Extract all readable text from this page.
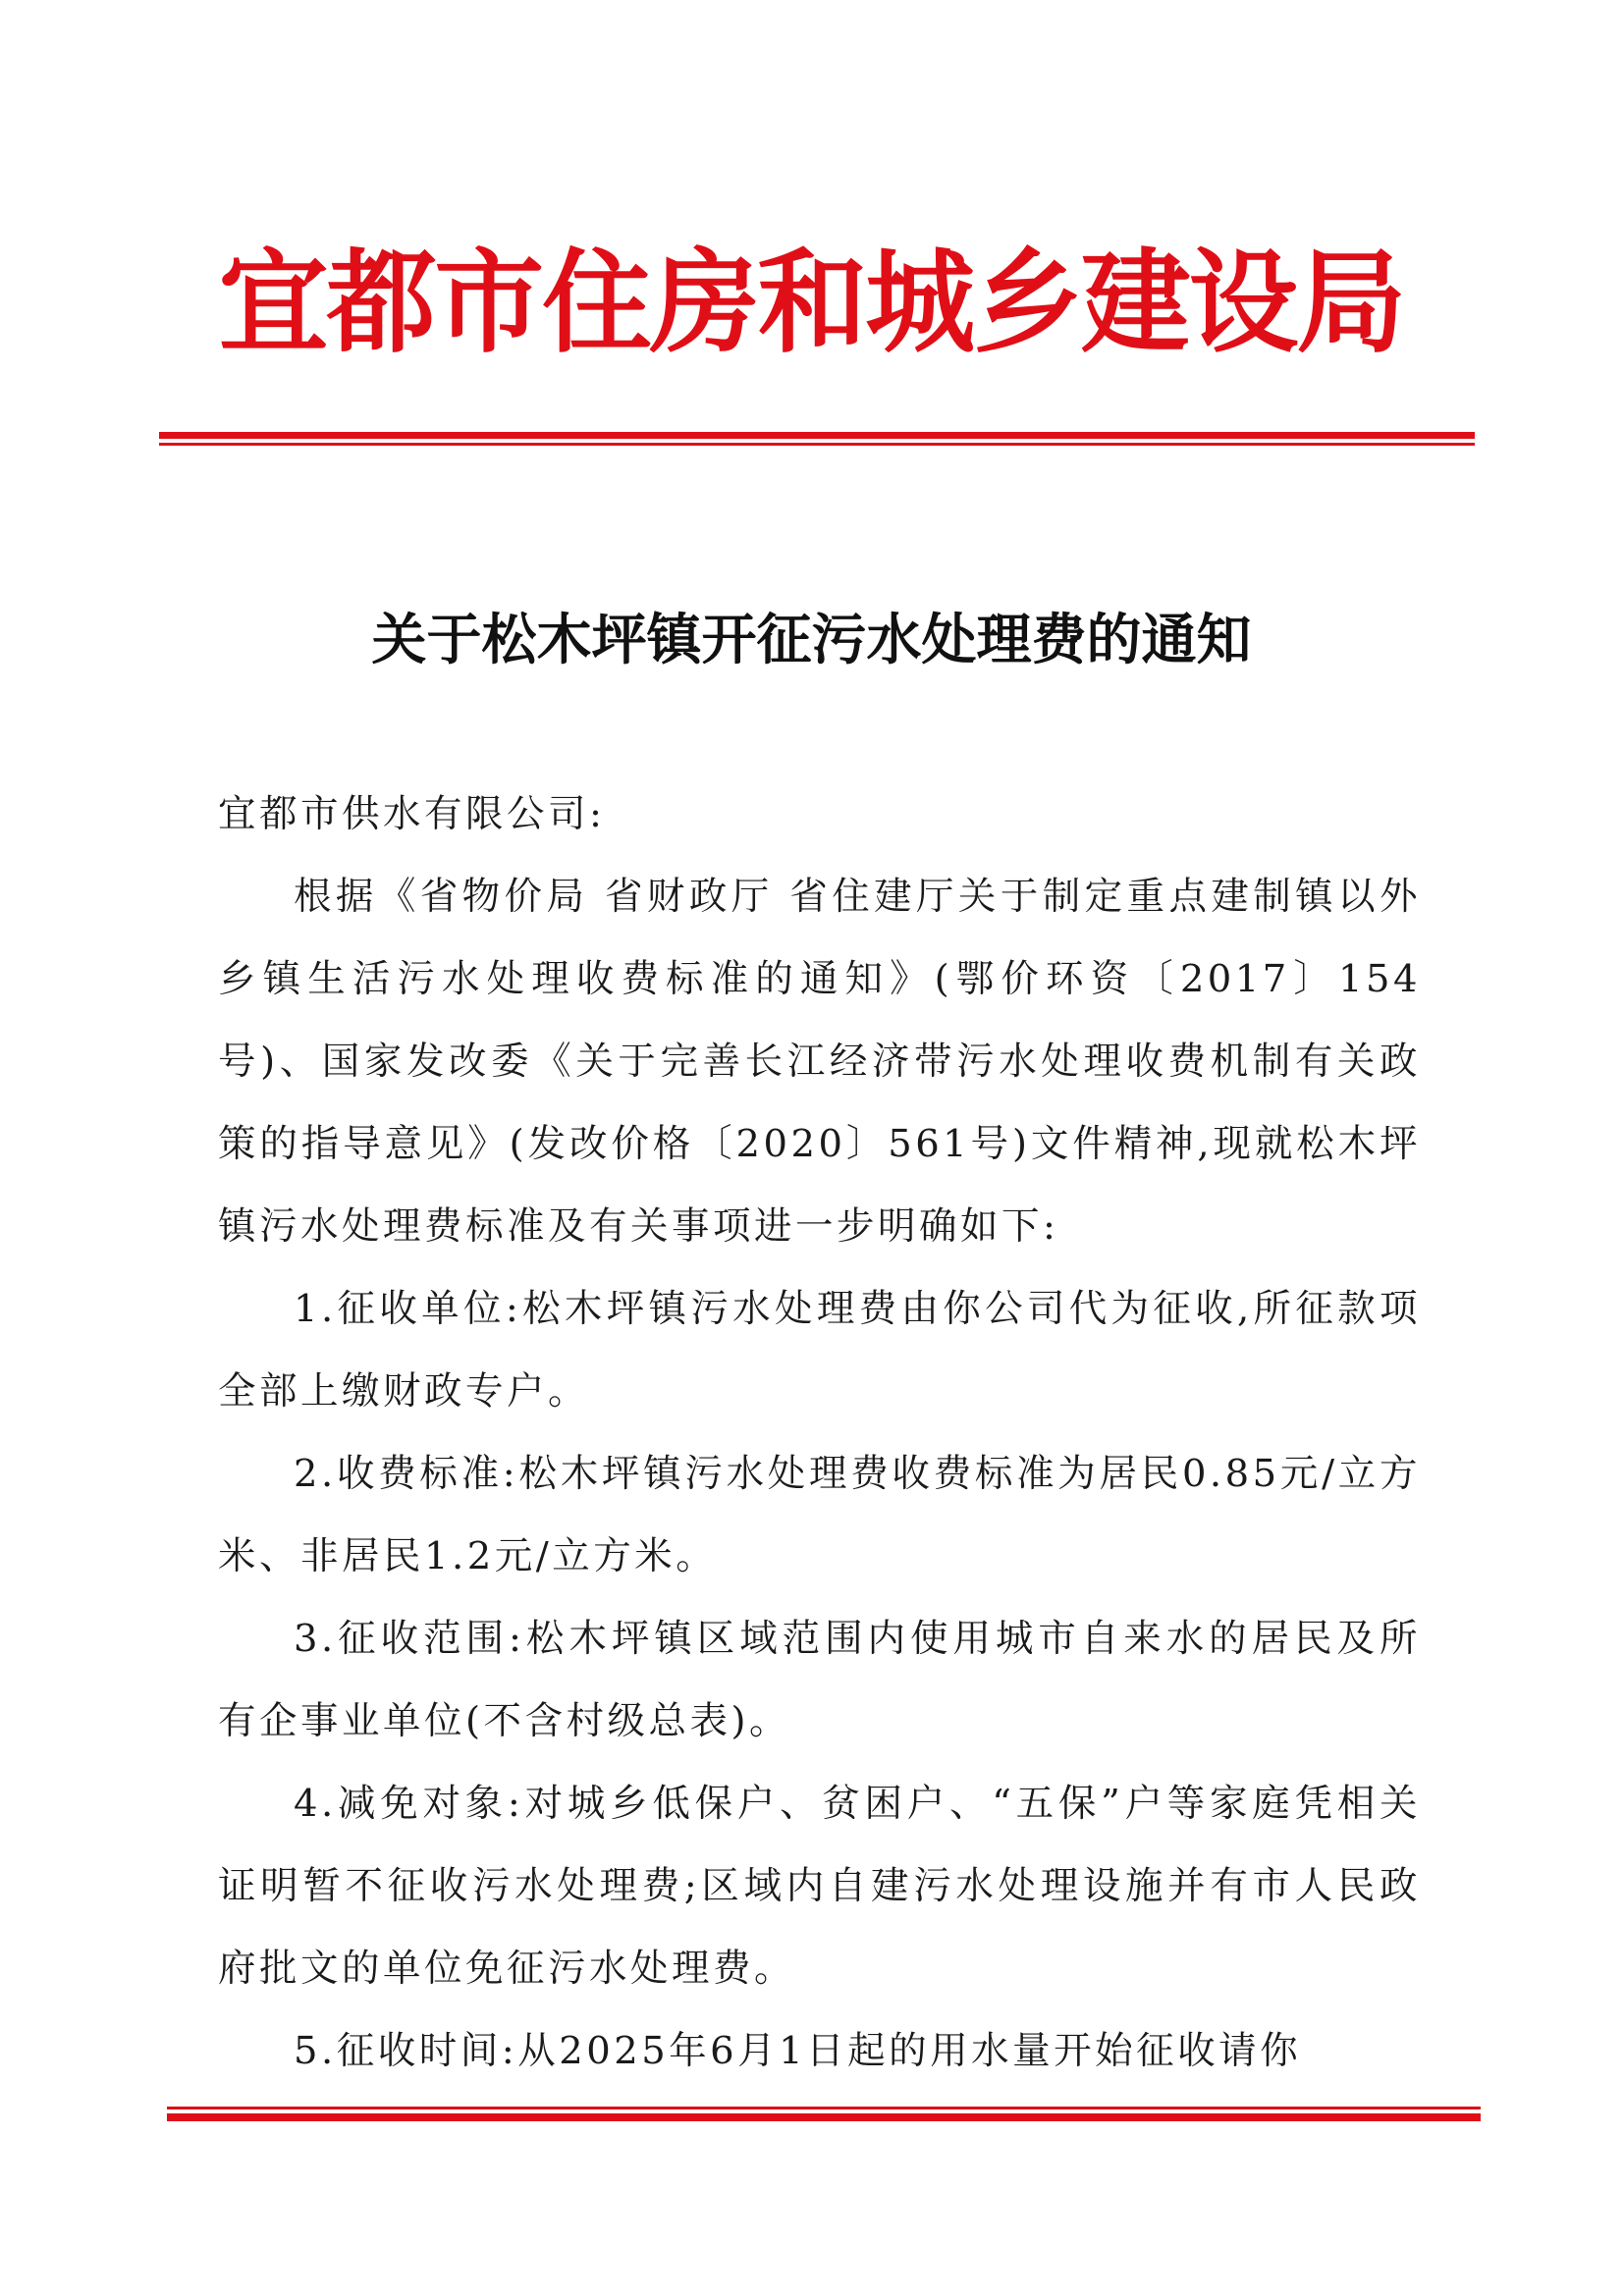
宜都市住房和城乡建设局
关于松木坪镇开征污水处理费的通知

宜都市供水有限公司:

根据《省物价局 省财政厅 省住建厅关于制定重点建制镇以外乡镇生活污水处理收费标准的通知》(鄂价环资〔2017〕154号)、国家发改委《关于完善长江经济带污水处理收费机制有关政策的指导意见》(发改价格〔2020〕561号)文件精神,现就松木坪镇污水处理费标准及有关事项进一步明确如下:

1.征收单位:松木坪镇污水处理费由你公司代为征收,所征款项全部上缴财政专户。

2.收费标准:松木坪镇污水处理费收费标准为居民0.85元/立方米、非居民1.2元/立方米。

3.征收范围:松木坪镇区域范围内使用城市自来水的居民及所有企事业单位(不含村级总表)。

4.减免对象:对城乡低保户、贫困户、“五保”户等家庭凭相关证明暂不征收污水处理费;区域内自建污水处理设施并有市人民政府批文的单位免征污水处理费。

5.征收时间:从2025年6月1日起的用水量开始征收请你
